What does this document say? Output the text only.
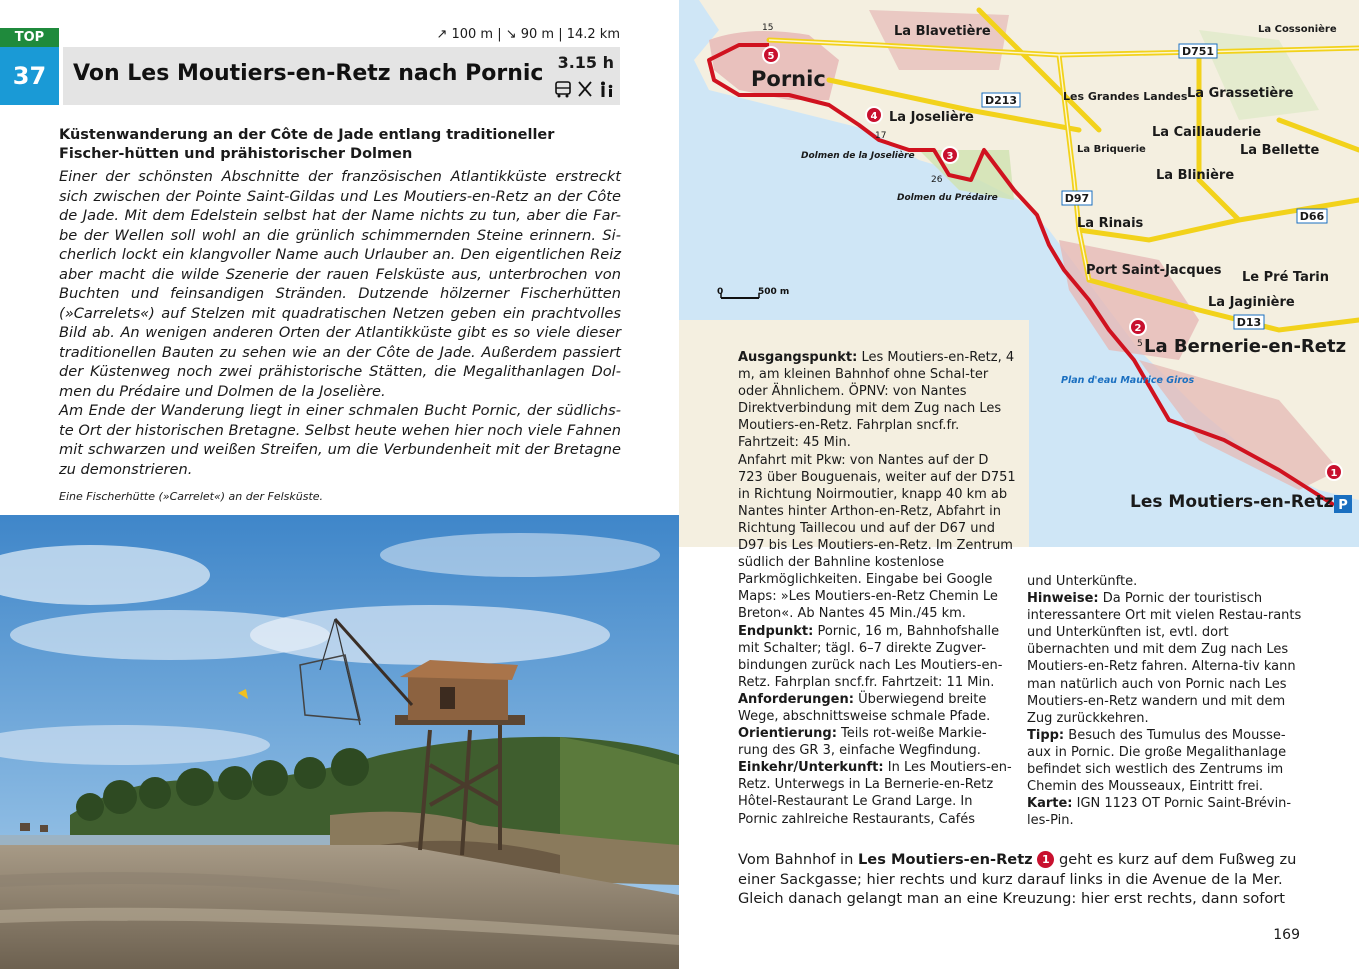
TOP
37	Von Les Moutiers-en-Retz nach Pornic
↗ 100 m | ↘ 90 m | 14.2 km
3.15 h
Küstenwanderung an der Côte de Jade entlang traditioneller Fischer-hütten und prähistorischer Dolmen

Einer der schönsten Abschnitte der französischen Atlantikküste erstreckt sich zwischen der Pointe Saint-Gildas und Les Moutiers-en-Retz an der Côte de Jade. Mit dem Edelstein selbst hat der Name nichts zu tun, aber die Far-be der Wellen soll wohl an die grünlich schimmernden Steine erinnern. Si-cherlich lockt ein klangvoller Name auch Urlauber an. Den eigentlichen Reiz aber macht die wilde Szenerie der rauen Felsküste aus, unterbrochen von Buchten und feinsandigen Stränden. Dutzende hölzerner Fischerhütten (»Carrelets«) auf Stelzen mit quadratischen Netzen geben ein prachtvolles Bild ab. An wenigen anderen Orten der Atlantikküste gibt es so viele dieser traditionellen Bauten zu sehen wie an der Côte de Jade. Außerdem passiert der Küstenweg noch zwei prähistorische Stätten, die Megalithanlagen Dol-men du Prédaire und Dolmen de la Joselière.

Am Ende der Wanderung liegt in einer schmalen Bucht Pornic, der südlichs-te Ort der historischen Bretagne. Selbst heute wehen hier noch viele Fahnen mit schwarzen und weißen Streifen, um die Verbundenheit mit der Bretagne zu demonstrieren.

Eine Fischerhütte (»Carrelet«) an der Felsküste.
1
2
3
4
5
P
D751
D213
D97
D66
D13
Pornic
La Blavetière	La Cossonière
La Joselière
Les Grandes Landes La Grassetière
La Caillauderie
La Briquerie	La Bellette
La Blinière
Dolmen de la Joselière
Dolmen du Prédaire
La Rinais
Port Saint-Jacques Le Pré Tarin
La Jaginière
La Bernerie-en-Retz
Plan d'eau Maurice Giros
Les Moutiers-en-Retz
15
17
26
5
0	500 m

Ausgangspunkt: Les Moutiers-en-Retz, 4 m, am kleinen Bahnhof ohne Schal-ter oder Ähnlichem. ÖPNV: von Nantes Direktverbindung mit dem Zug nach Les Moutiers-en-Retz. Fahrplan sncf.fr. Fahrtzeit: 45 Min.

Anfahrt mit Pkw: von Nantes auf der D 723 über Bouguenais, weiter auf der D751 in Richtung Noirmoutier, knapp 40 km ab Nantes hinter Arthon-en-Retz, Abfahrt in Richtung Taillecou und auf der D67 und D97 bis Les Moutiers-en-Retz. Im Zentrum südlich der Bahnline kostenlose Parkmöglichkeiten. Eingabe bei Google Maps: »Les Moutiers-en-Retz Chemin Le Breton«. Ab Nantes 45 Min./45 km.

Endpunkt: Pornic, 16 m, Bahnhofshalle mit Schalter; tägl. 6–7 direkte Zugver-bindungen zurück nach Les Moutiers-en-Retz. Fahrplan sncf.fr. Fahrtzeit: 11 Min.

Anforderungen: Überwiegend breite Wege, abschnittsweise schmale Pfade.

Orientierung: Teils rot-weiße Markie-rung des GR 3, einfache Wegfindung.

Einkehr/Unterkunft: In Les Moutiers-en-Retz. Unterwegs in La Bernerie-en-Retz Hôtel-Restaurant Le Grand Large. In Pornic zahlreiche Restaurants, Cafés

und Unterkünfte.

Hinweise: Da Pornic der touristisch interessantere Ort mit vielen Restau-rants und Unterkünften ist, evtl. dort übernachten und mit dem Zug nach Les Moutiers-en-Retz fahren. Alterna-tiv kann man natürlich auch von Pornic nach Les Moutiers-en-Retz wandern und mit dem Zug zurückkehren.

Tipp: Besuch des Tumulus des Mousse-aux in Pornic. Die große Megalithanlage befindet sich westlich des Zentrums im Chemin des Mousseaux, Eintritt frei.

Karte: IGN 1123 OT Pornic Saint-Brévin-les-Pin.

Vom Bahnhof in Les Moutiers-en-Retz 1 geht es kurz auf dem Fußweg zu einer Sackgasse; hier rechts und kurz darauf links in die Avenue de la Mer. Gleich danach gelangt man an eine Kreuzung: hier erst rechts, dann sofort
169
